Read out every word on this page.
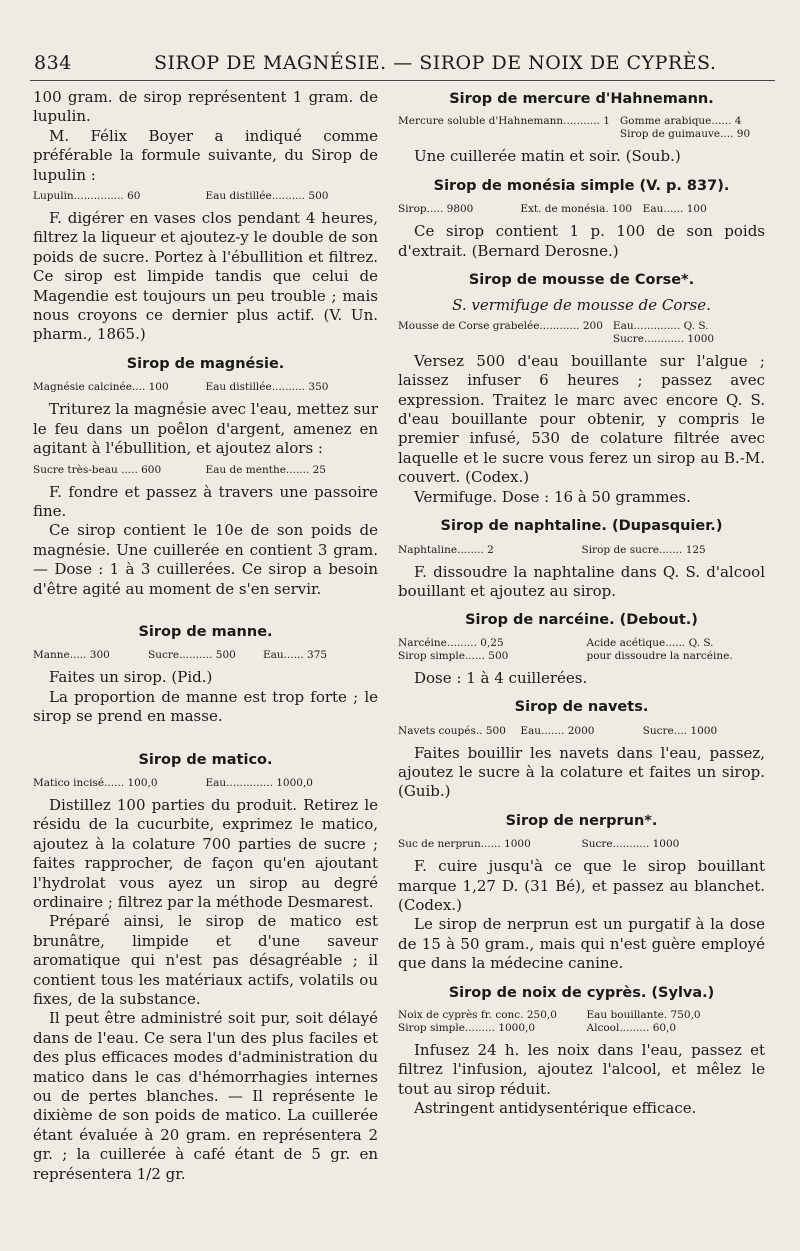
834	SIROP DE MAGNÉSIE. — SIROP DE NOIX DE CYPRÈS.

100 gram. de sirop représentent 1 gram. de lupulin.

M. Félix Boyer a indiqué comme préférable la formule suivante, du Sirop de lupulin :

Lupulin............... 60	Eau distillée.......... 500

F. digérer en vases clos pendant 4 heures, filtrez la liqueur et ajoutez-y le double de son poids de sucre. Portez à l'ébullition et filtrez. Ce sirop est limpide tandis que celui de Magendie est toujours un peu trouble ; mais nous croyons ce dernier plus actif. (V. Un. pharm., 1865.)

Sirop de magnésie.
Magnésie calcinée.... 100	Eau distillée.......... 350

Triturez la magnésie avec l'eau, mettez sur le feu dans un poêlon d'argent, amenez en agitant à l'ébullition, et ajoutez alors :

Sucre très-beau ..... 600	Eau de menthe....... 25

F. fondre et passez à travers une passoire fine.

Ce sirop contient le 10e de son poids de magnésie. Une cuillerée en contient 3 gram. — Dose : 1 à 3 cuillerées. Ce sirop a besoin d'être agité au moment de s'en servir.

Sirop de manne.
Manne..... 300	Sucre.......... 500	Eau...... 375

Faites un sirop. (Pid.)

La proportion de manne est trop forte ; le sirop se prend en masse.

Sirop de matico.
Matico incisé...... 100,0	Eau.............. 1000,0

Distillez 100 parties du produit. Retirez le résidu de la cucurbite, exprimez le matico, ajoutez à la colature 700 parties de sucre ; faites rapprocher, de façon qu'en ajoutant l'hydrolat vous ayez un sirop au degré ordinaire ; filtrez par la méthode Desmarest.

Préparé ainsi, le sirop de matico est brunâtre, limpide et d'une saveur aromatique qui n'est pas désagréable ; il contient tous les matériaux actifs, volatils ou fixes, de la substance.

Il peut être administré soit pur, soit délayé dans de l'eau. Ce sera l'un des plus faciles et des plus efficaces modes d'administration du matico dans le cas d'hémorrhagies internes ou de pertes blanches. — Il représente le dixième de son poids de matico. La cuillerée étant évaluée à 20 gram. en représentera 2 gr. ; la cuillerée à café étant de 5 gr. en représentera 1/2 gr.

Sirop de mercure d'Hahnemann.
Mercure soluble d'Hahnemann........... 1 Gomme arabique...... 4
Sirop de guimauve.... 90

Une cuillerée matin et soir. (Soub.)

Sirop de monésia simple (V. p. 837).
Sirop..... 9800	Ext. de monésia. 100	Eau...... 100

Ce sirop contient 1 p. 100 de son poids d'extrait. (Bernard Derosne.)

Sirop de mousse de Corse*.

S. vermifuge de mousse de Corse.

Mousse de Corse grabelée............ 200 Eau.............. Q. S.
Sucre............ 1000

Versez 500 d'eau bouillante sur l'algue ; laissez infuser 6 heures ; passez avec expression. Traitez le marc avec encore Q. S. d'eau bouillante pour obtenir, y compris le premier infusé, 530 de colature filtrée avec laquelle et le sucre vous ferez un sirop au B.-M. couvert. (Codex.)

Vermifuge. Dose : 16 à 50 grammes.

Sirop de naphtaline. (Dupasquier.)
Naphtaline........ 2	Sirop de sucre....... 125

F. dissoudre la naphtaline dans Q. S. d'alcool bouillant et ajoutez au sirop.

Sirop de narcéine. (Debout.)
Narcéine......... 0,25	Acide acétique...... Q. S.
Sirop simple...... 500	pour dissoudre la narcéine.

Dose : 1 à 4 cuillerées.

Sirop de navets.
Navets coupés.. 500	Eau....... 2000	Sucre.... 1000

Faites bouillir les navets dans l'eau, passez, ajoutez le sucre à la colature et faites un sirop. (Guib.)

Sirop de nerprun*.
Suc de nerprun...... 1000	Sucre........... 1000

F. cuire jusqu'à ce que le sirop bouillant marque 1,27 D. (31 Bé), et passez au blanchet. (Codex.)

Le sirop de nerprun est un purgatif à la dose de 15 à 50 gram., mais qui n'est guère employé que dans la médecine canine.

Sirop de noix de cyprès. (Sylva.)
Noix de cyprès fr. conc. 250,0	Eau bouillante. 750,0
Sirop simple......... 1000,0	Alcool......... 60,0

Infusez 24 h. les noix dans l'eau, passez et filtrez l'infusion, ajoutez l'alcool, et mêlez le tout au sirop réduit.

Astringent antidysentérique efficace.
